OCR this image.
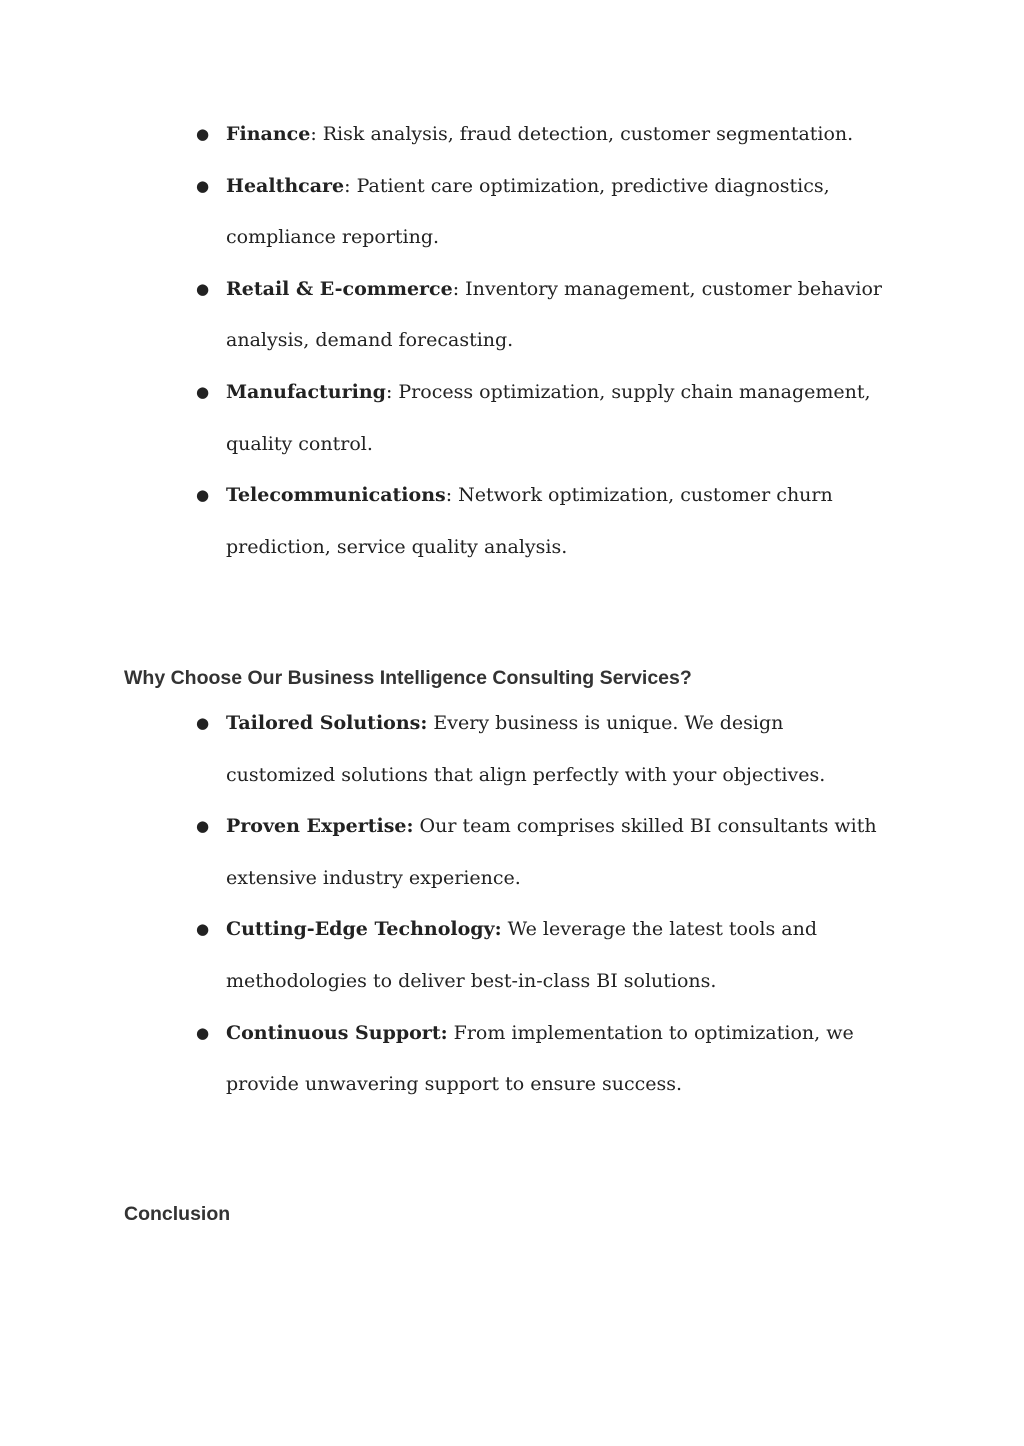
● Finance: Risk analysis, fraud detection, customer segmentation.
● Healthcare: Patient care optimization, predictive diagnostics, compliance reporting.
● Retail & E-commerce: Inventory management, customer behavior analysis, demand forecasting.
● Manufacturing: Process optimization, supply chain management, quality control.
● Telecommunications: Network optimization, customer churn prediction, service quality analysis.
Why Choose Our Business Intelligence Consulting Services?
● Tailored Solutions: Every business is unique. We design customized solutions that align perfectly with your objectives.
● Proven Expertise: Our team comprises skilled BI consultants with extensive industry experience.
● Cutting-Edge Technology: We leverage the latest tools and methodologies to deliver best-in-class BI solutions.
● Continuous Support: From implementation to optimization, we provide unwavering support to ensure success.
Conclusion
